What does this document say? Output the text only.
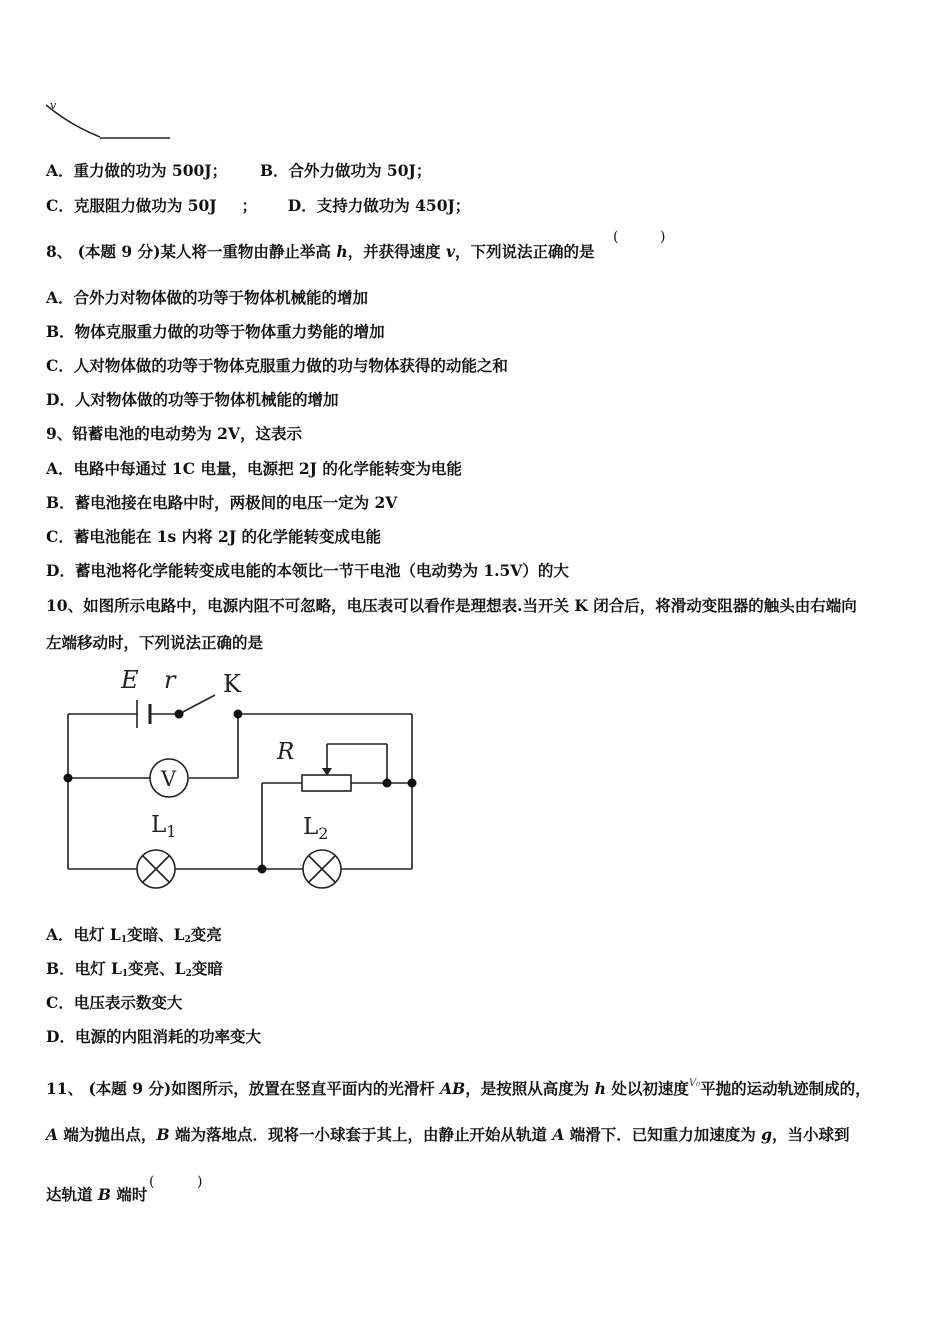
v
A．重力做的功为 500J； B．合外力做功为 50J；
C．克服阻力做功为 50J ； D．支持力做功为 450J；
8、 (本题 9 分)某人将一重物由静止举高 h，并获得速度 v，下列说法正确的是
(	)
A．合外力对物体做的功等于物体机械能的增加
B．物体克服重力做的功等于物体重力势能的增加
C．人对物体做的功等于物体克服重力做的功与物体获得的动能之和
D．人对物体做的功等于物体机械能的增加
9、铅蓄电池的电动势为 2V，这表示
A．电路中每通过 1C 电量，电源把 2J 的化学能转变为电能
B．蓄电池接在电路中时，两极间的电压一定为 2V
C．蓄电池能在 1s 内将 2J 的化学能转变成电能
D．蓄电池将化学能转变成电能的本领比一节干电池（电动势为 1.5V）的大
10、如图所示电路中，电源内阻不可忽略，电压表可以看作是理想表.当开关 K 闭合后，将滑动变阻器的触头由右端向
左端移动时，下列说法正确的是
E r K
V
R
$L_1$	$L_2$
A．电灯 $L_1$变暗、$L_2$变亮
B．电灯 $L_1$变亮、$L_2$变暗
C．电压表示数变大
D．电源的内阻消耗的功率变大
11、 (本题 9 分)如图所示，放置在竖直平面内的光滑杆 AB，是按照从高度为 h 处以初速度$^{V_0}$平抛的运动轨迹制成的，
A 端为抛出点，B 端为落地点．现将一小球套于其上，由静止开始从轨道 A 端滑下．已知重力加速度为 g，当小球到
达轨道 B 端时
(	)
